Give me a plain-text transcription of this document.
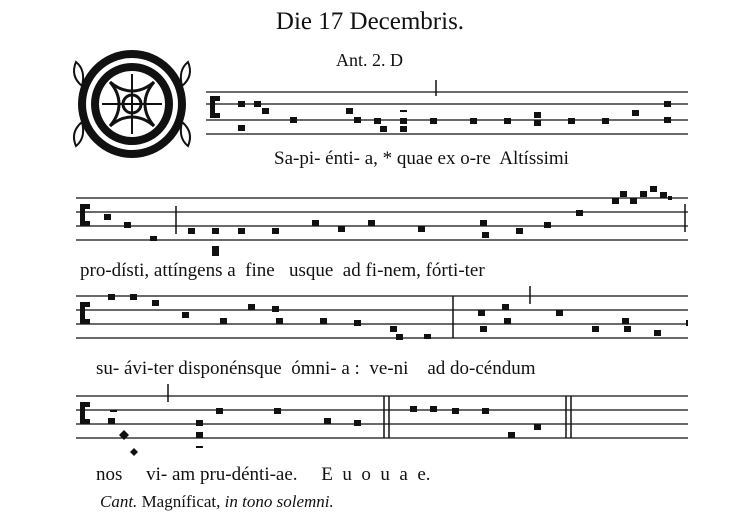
Die 17 Decembris.
Ant. 2. D
Sa-pi- énti- a, * quae ex o-re  Altíssimi
pro-dísti, attíngens a  fine   usque  ad fi-nem, fórti-ter
su- ávi-ter disponénsque  ómni- a :  ve-ni    ad do-céndum
nos     vi- am pru-dénti-ae.     E  u  o  u  a  e.
Cant. Magníficat, in tono solemni.
